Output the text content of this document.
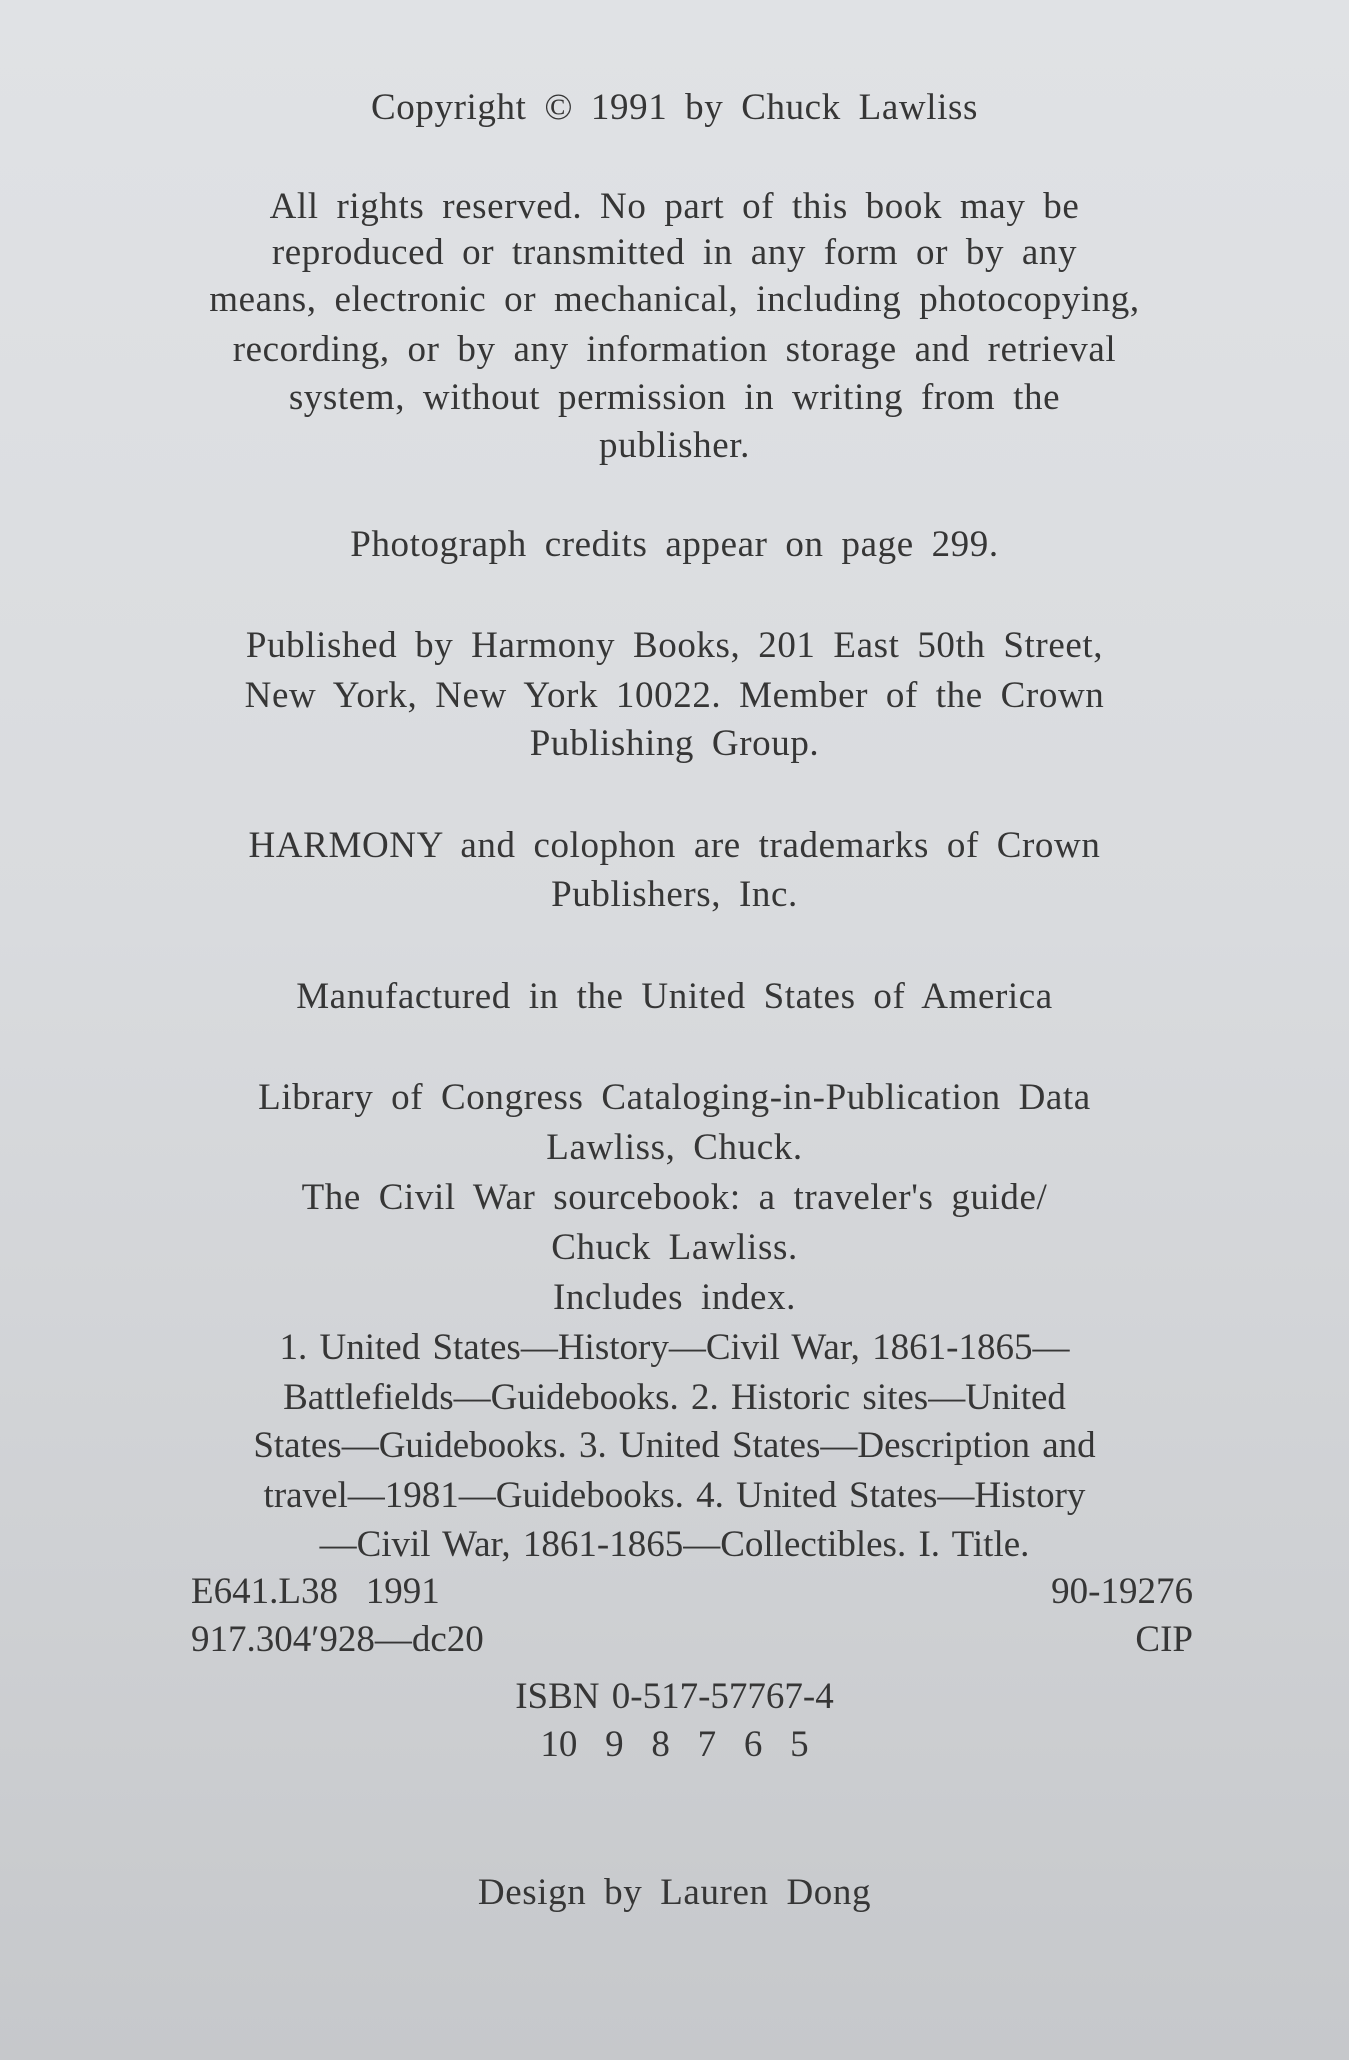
Copyright © 1991 by Chuck Lawliss
All rights reserved. No part of this book may be
reproduced or transmitted in any form or by any
means, electronic or mechanical, including photocopying,
recording, or by any information storage and retrieval
system, without permission in writing from the
publisher.
Photograph credits appear on page 299.
Published by Harmony Books, 201 East 50th Street,
New York, New York 10022. Member of the Crown
Publishing Group.
HARMONY and colophon are trademarks of Crown
Publishers, Inc.
Manufactured in the United States of America
Library of Congress Cataloging-in-Publication Data
Lawliss, Chuck.
The Civil War sourcebook: a traveler's guide/
Chuck Lawliss.
Includes index.
1. United States—History—Civil War, 1861-1865—
Battlefields—Guidebooks. 2. Historic sites—United
States—Guidebooks. 3. United States—Description and
travel—1981—Guidebooks. 4. United States—History
—Civil War, 1861-1865—Collectibles. I. Title.
E641.L38   1991	90-19276
917.304′928—dc20	CIP
ISBN 0-517-57767-4
10   9   8   7   6   5
Design by Lauren Dong
